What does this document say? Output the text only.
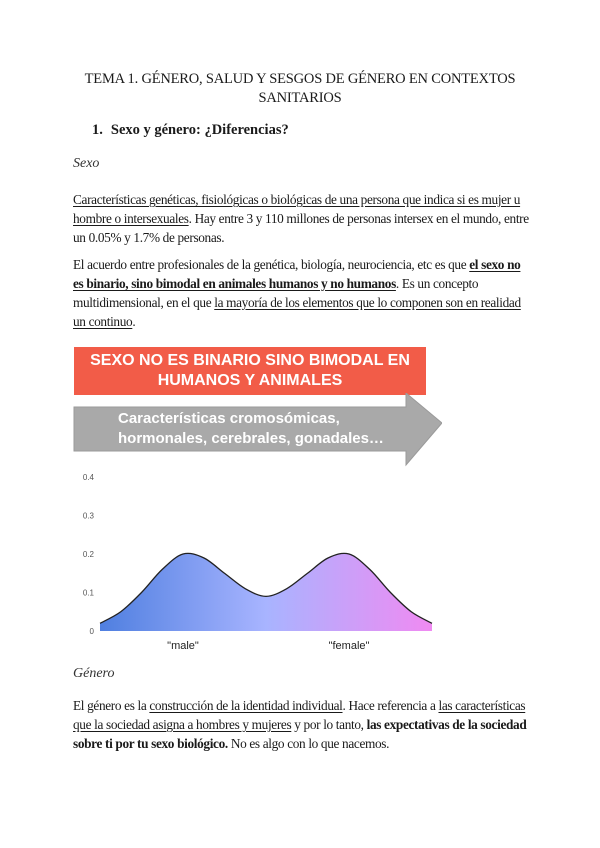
TEMA 1. GÉNERO, SALUD Y SESGOS DE GÉNERO EN CONTEXTOS SANITARIOS
1. Sexo y género: ¿Diferencias?
Sexo
Características genéticas, fisiológicas o biológicas de una persona que indica si es mujer u hombre o intersexuales. Hay entre 3 y 110 millones de personas intersex en el mundo, entre un 0.05% y 1.7% de personas.
El acuerdo entre profesionales de la genética, biología, neurociencia, etc es que el sexo no es binario, sino bimodal en animales humanos y no humanos. Es un concepto multidimensional, en el que la mayoría de los elementos que lo componen son en realidad un continuo.
SEXO NO ES BINARIO SINO BIMODAL EN HUMANOS Y ANIMALES
Características cromosómicas, hormonales, cerebrales, gonadales…
0
0.1
0.2
0.3
0.4
"male"	"female"
Género
El género es la construcción de la identidad individual. Hace referencia a las características que la sociedad asigna a hombres y mujeres y por lo tanto, las expectativas de la sociedad sobre ti por tu sexo biológico. No es algo con lo que nacemos.
